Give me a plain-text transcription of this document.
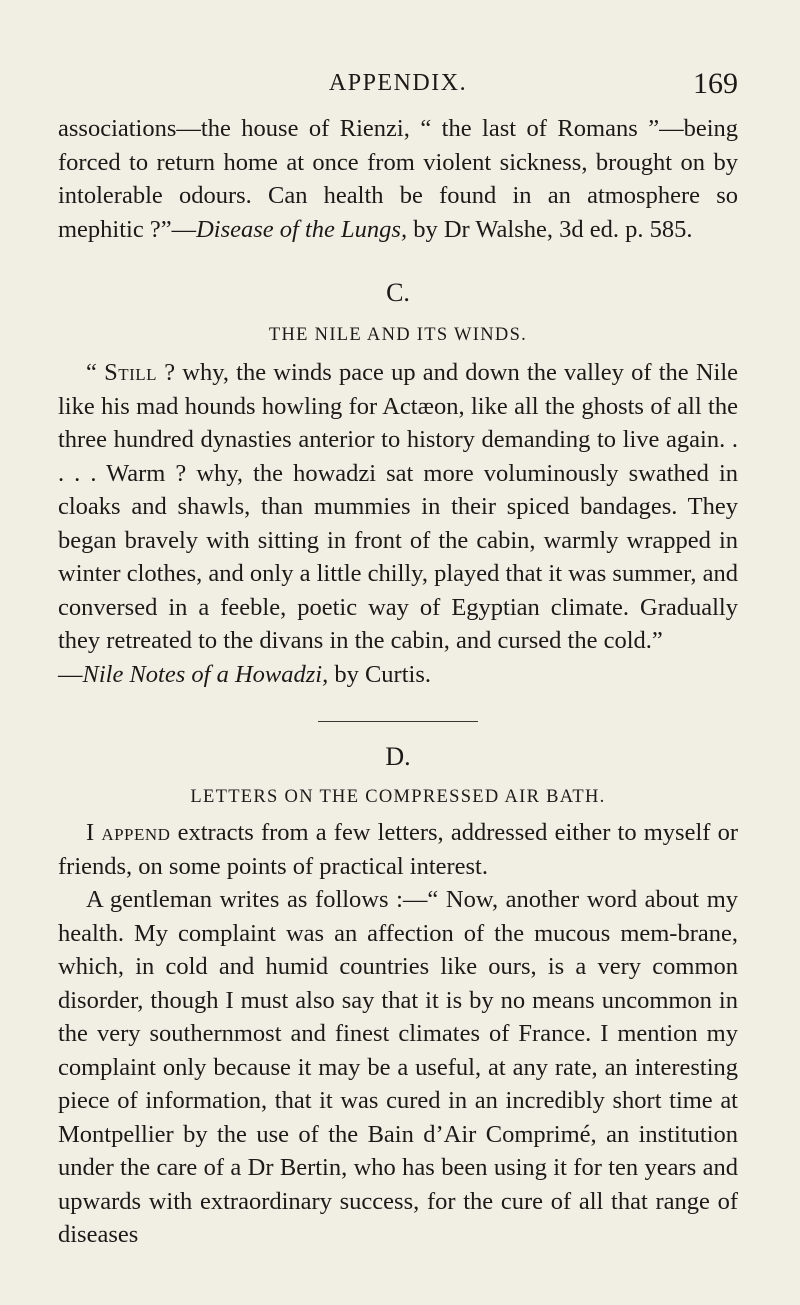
APPENDIX.	169

associations—the house of Rienzi, “ the last of Romans ”—being forced to return home at once from violent sickness, brought on by intolerable odours. Can health be found in an atmosphere so mephitic ?”—Disease of the Lungs, by Dr Walshe, 3d ed. p. 585.

C.

THE NILE AND ITS WINDS.

“ Still ? why, the winds pace up and down the valley of the Nile like his mad hounds howling for Actæon, like all the ghosts of all the three hundred dynasties anterior to history demanding to live again. . . . . Warm ? why, the howadzi sat more voluminously swathed in cloaks and shawls, than mummies in their spiced bandages. They began bravely with sitting in front of the cabin, warmly wrapped in winter clothes, and only a little chilly, played that it was summer, and conversed in a feeble, poetic way of Egyptian climate. Gradually they retreated to the divans in the cabin, and cursed the cold.”
—Nile Notes of a Howadzi, by Curtis.

D.

LETTERS ON THE COMPRESSED AIR BATH.

I append extracts from a few letters, addressed either to myself or friends, on some points of practical interest.

A gentleman writes as follows :—“ Now, another word about my health. My complaint was an affection of the mucous mem-brane, which, in cold and humid countries like ours, is a very common disorder, though I must also say that it is by no means uncommon in the very southernmost and finest climates of France. I mention my complaint only because it may be a useful, at any rate, an interesting piece of information, that it was cured in an incredibly short time at Montpellier by the use of the Bain d’Air Comprimé, an institution under the care of a Dr Bertin, who has been using it for ten years and upwards with extraordinary success, for the cure of all that range of diseases
